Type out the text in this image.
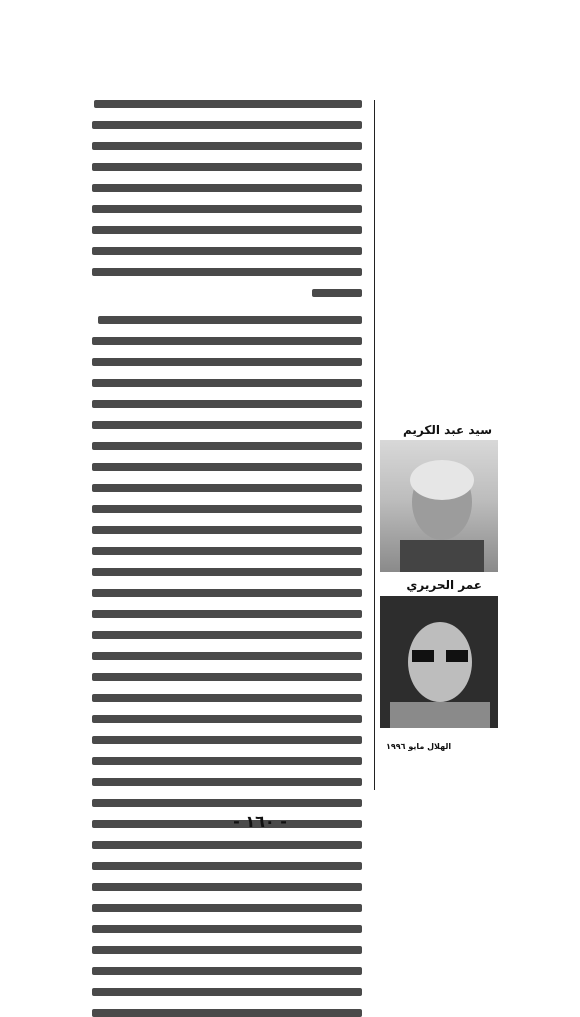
سيد عبد الكريم
عمر الحريري
الهلال مايو ١٩٩٦
- ١٦٠ -
